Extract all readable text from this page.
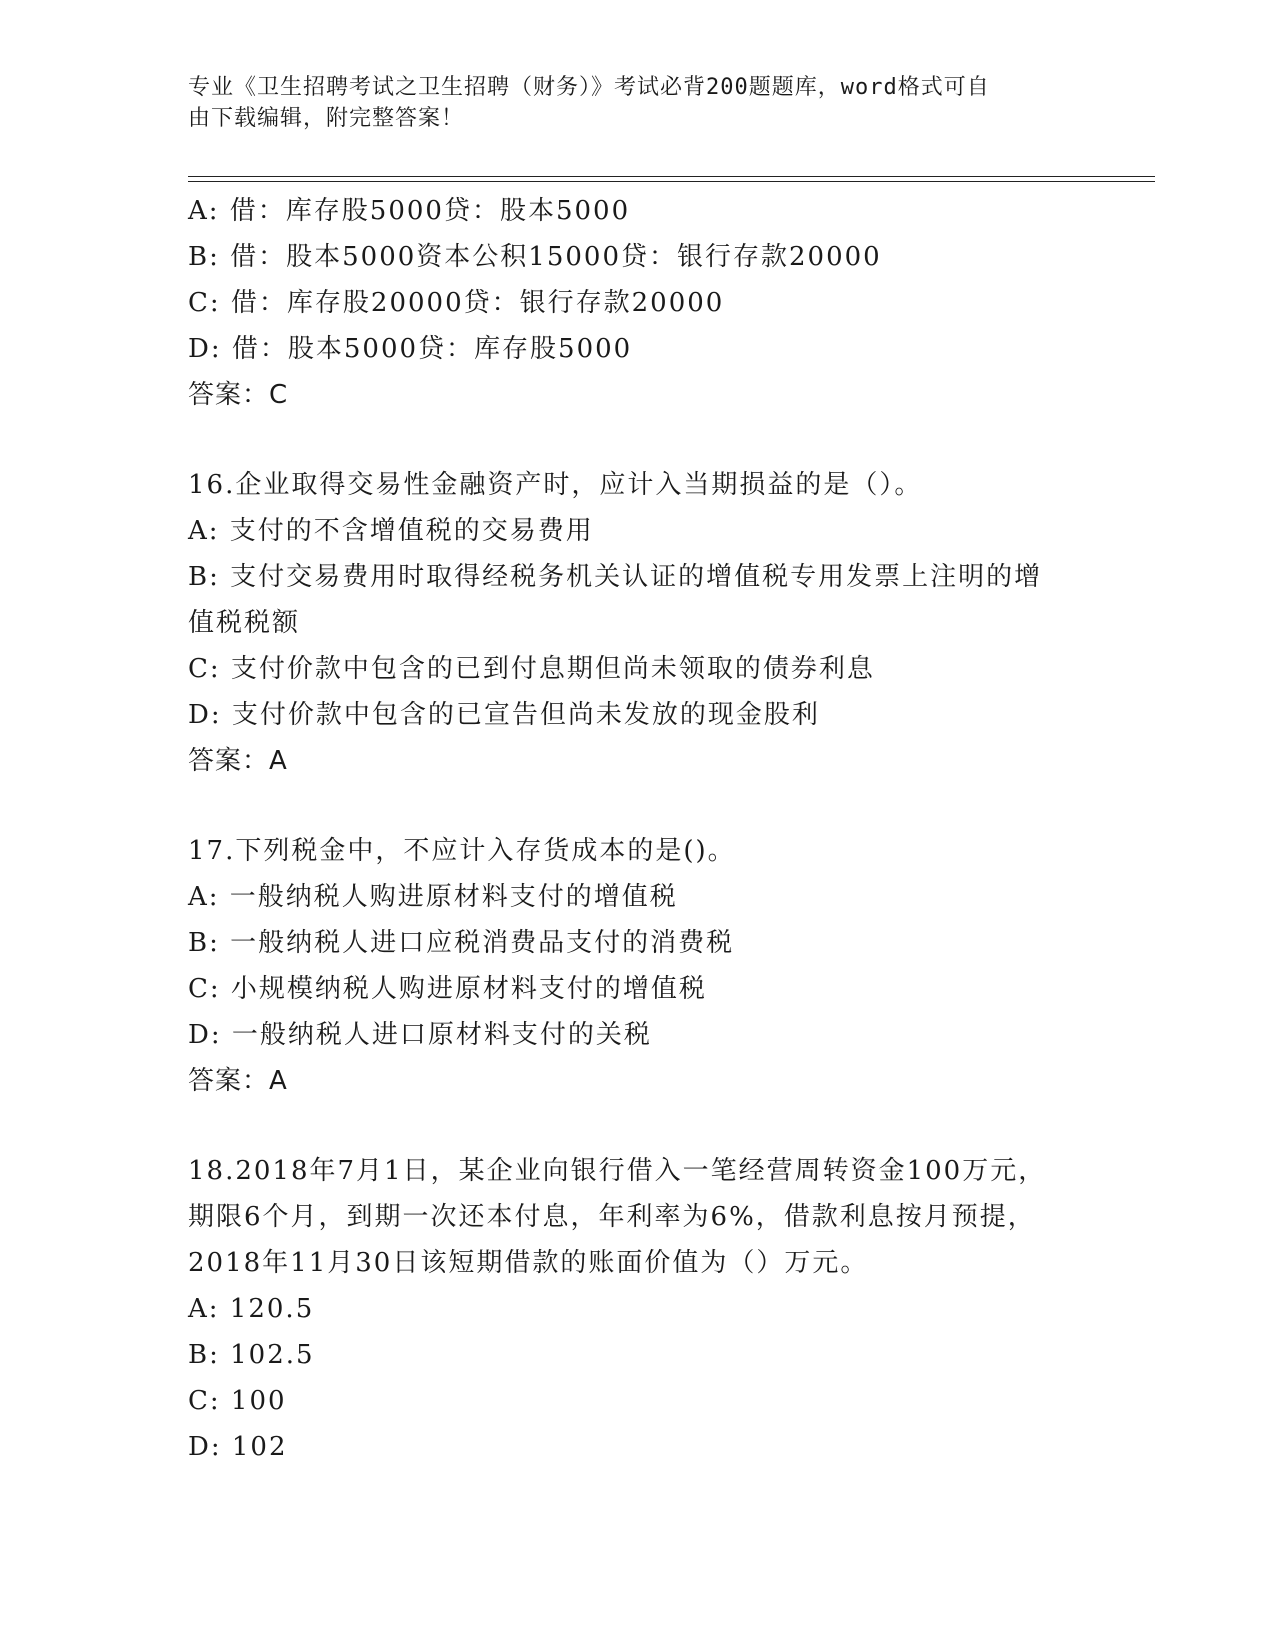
专业《卫生招聘考试之卫生招聘（财务）》考试必背200题题库，word格式可自
由下载编辑，附完整答案！
A: 借：库存股5000贷：股本5000
B: 借：股本5000资本公积15000贷：银行存款20000
C: 借：库存股20000贷：银行存款20000
D: 借：股本5000贷：库存股5000
答案：C
16.企业取得交易性金融资产时，应计入当期损益的是（）。
A: 支付的不含增值税的交易费用
B: 支付交易费用时取得经税务机关认证的增值税专用发票上注明的增
值税税额
C: 支付价款中包含的已到付息期但尚未领取的债券利息
D: 支付价款中包含的已宣告但尚未发放的现金股利
答案：A
17.下列税金中，不应计入存货成本的是()。
A: 一般纳税人购进原材料支付的增值税
B: 一般纳税人进口应税消费品支付的消费税
C: 小规模纳税人购进原材料支付的增值税
D: 一般纳税人进口原材料支付的关税
答案：A
18.2018年7月1日，某企业向银行借入一笔经营周转资金100万元，
期限6个月，到期一次还本付息，年利率为6%，借款利息按月预提，
2018年11月30日该短期借款的账面价值为（）万元。
A: 120.5
B: 102.5
C: 100
D: 102
